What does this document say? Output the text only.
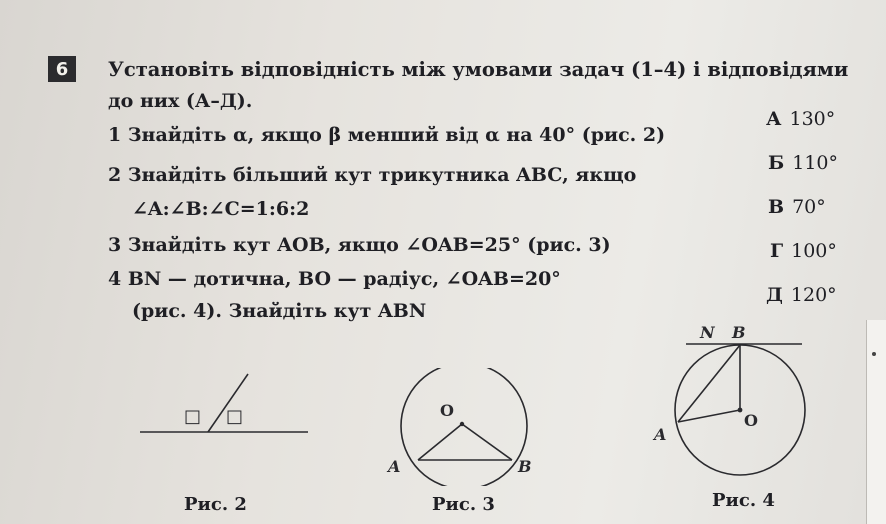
6	Установіть відповідність між умовами задач (1–4) і відповідями
до них (А–Д).
1 Знайдіть α, якщо β менший від α на 40° (рис. 2)
2 Знайдіть більший кут трикутника ABC, якщо
∠A:∠B:∠C=1:6:2
3 Знайдіть кут AOB, якщо ∠OAB=25° (рис. 3)
4 BN — дотична, BO — радіус, ∠OAB=20°
(рис. 4). Знайдіть кут ABN
А 130°
Б 110°
В 70°
Г 100°
Д 120°
□ □
Рис. 2
O
A	B
Рис. 3
N B
O
A
Рис. 4
